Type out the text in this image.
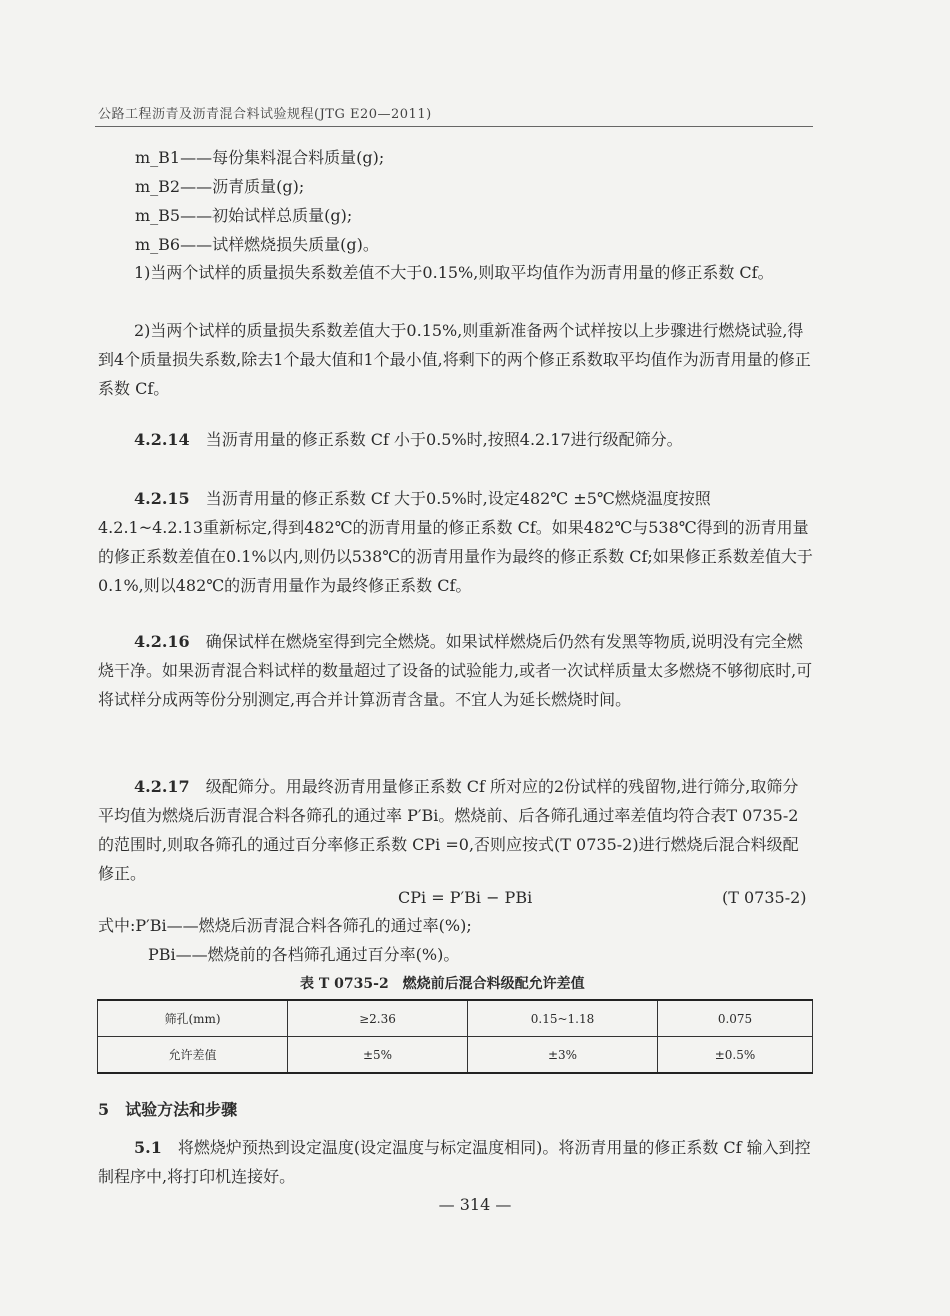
公路工程沥青及沥青混合料试验规程(JTG E20—2011)
m_B1——每份集料混合料质量(g);
m_B2——沥青质量(g);
m_B5——初始试样总质量(g);
m_B6——试样燃烧损失质量(g)。
1)当两个试样的质量损失系数差值不大于0.15%,则取平均值作为沥青用量的修正系数 Cf。
2)当两个试样的质量损失系数差值大于0.15%,则重新准备两个试样按以上步骤进行燃烧试验,得到4个质量损失系数,除去1个最大值和1个最小值,将剩下的两个修正系数取平均值作为沥青用量的修正系数 Cf。
4.2.14　 当沥青用量的修正系数 Cf 小于0.5%时,按照4.2.17进行级配筛分。
4.2.15　 当沥青用量的修正系数 Cf 大于0.5%时,设定482℃ ±5℃燃烧温度按照4.2.1~4.2.13重新标定,得到482℃的沥青用量的修正系数 Cf。如果482℃与538℃得到的沥青用量的修正系数差值在0.1%以内,则仍以538℃的沥青用量作为最终的修正系数 Cf;如果修正系数差值大于0.1%,则以482℃的沥青用量作为最终修正系数 Cf。
4.2.16　 确保试样在燃烧室得到完全燃烧。如果试样燃烧后仍然有发黑等物质,说明没有完全燃烧干净。如果沥青混合料试样的数量超过了设备的试验能力,或者一次试样质量太多燃烧不够彻底时,可将试样分成两等份分别测定,再合并计算沥青含量。不宜人为延长燃烧时间。
4.2.17　 级配筛分。用最终沥青用量修正系数 Cf 所对应的2份试样的残留物,进行筛分,取筛分平均值为燃烧后沥青混合料各筛孔的通过率 P′Bi。燃烧前、后各筛孔通过率差值均符合表T 0735-2的范围时,则取各筛孔的通过百分率修正系数 CPi =0,否则应按式(T 0735-2)进行燃烧后混合料级配修正。
CPi = P′Bi − PBi	(T 0735-2)
式中:P′Bi——燃烧后沥青混合料各筛孔的通过率(%);
PBi——燃烧前的各档筛孔通过百分率(%)。
表 T 0735-2　燃烧前后混合料级配允许差值
筛孔(mm)	≥2.36	0.15~1.18	0.075
允许差值	±5%	±3%	±0.5%
5　试验方法和步骤
5.1　 将燃烧炉预热到设定温度(设定温度与标定温度相同)。将沥青用量的修正系数 Cf 输入到控制程序中,将打印机连接好。
— 314 —
